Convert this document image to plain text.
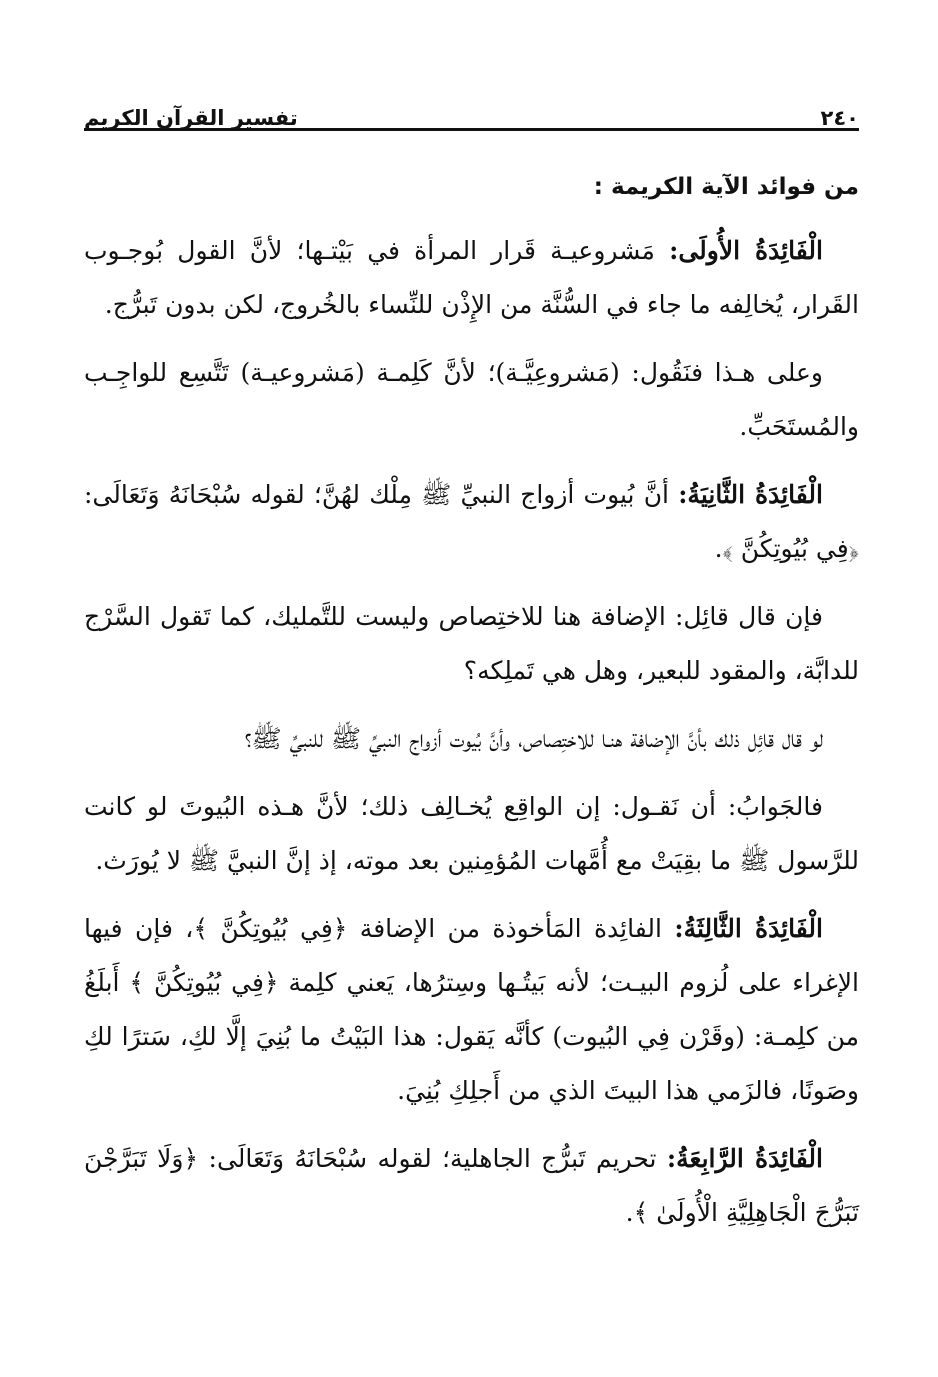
٢٤٠
تفسير القرآن الكريم
من فوائد الآية الكريمة :

الْفَائِدَةُ الأُولَى: مَشروعيـة قَرار المرأة في بَيْتـها؛ لأنَّ القول بُوجـوب القَرار، يُخالِفه ما جاء في السُّنَّة من الإِذْن للنِّساء بالخُروج، لكن بدون تَبرُّج.

وعلى هـذا فنَقُول: (مَشروعِيَّـة)؛ لأنَّ كَلِمـة (مَشروعيـة) تَتَّسِع للواجِـب والمُستَحَبِّ.

الْفَائِدَةُ الثَّانِيَةُ: أنَّ بُيوت أزواج النبيِّ ﷺ مِلْك لهُنَّ؛ لقوله سُبْحَانَهُ وَتَعَالَى: ﴿فِي بُيُوتِكُنَّ ﴾.

فإن قال قائِل: الإضافة هنا للاختِصاص وليست للتَّمليك، كما تَقول السَّرْج للدابَّة، والمقود للبعير، وهل هي تَملِكه؟

لو قال قائِل ذلك بأنَّ الإضافة هنـا للاختِصاص، وأنَّ بُيوت أزواج النبيِّ ﷺ للنبيِّ ﷺ؟

فالجَوابُ: أن نَقـول: إن الواقِع يُخـالِف ذلك؛ لأنَّ هـذه البُيوتَ لو كانت للرَّسول ﷺ ما بقِيَتْ مع أُمَّهات المُؤمِنين بعد موته، إذ إنَّ النبيَّ ﷺ لا يُورَث.

الْفَائِدَةُ الثَّالِثَةُ: الفائِدة المَأخوذة من الإضافة ﴿فِي بُيُوتِكُنَّ ﴾، فإن فيها الإغراء على لُزوم البيـت؛ لأنه بَيتُـها وسِترُها، يَعني كلِمة ﴿فِي بُيُوتِكُنَّ ﴾ أَبلَغُ من كلِمـة: (وقَرْن فِي البُيوت) كأنَّه يَقول: هذا البَيْتُ ما بُنِيَ إلَّا لكِ، سَترًا لكِ وصَونًا، فالزَمي هذا البيتَ الذي من أَجلِكِ بُنِيَ.

الْفَائِدَةُ الرَّابِعَةُ: تحريم تَبرُّج الجاهلية؛ لقوله سُبْحَانَهُ وَتَعَالَى: ﴿وَلَا تَبَرَّجْنَ تَبَرُّجَ الْجَاهِلِيَّةِ الْأُولَىٰ ﴾.
